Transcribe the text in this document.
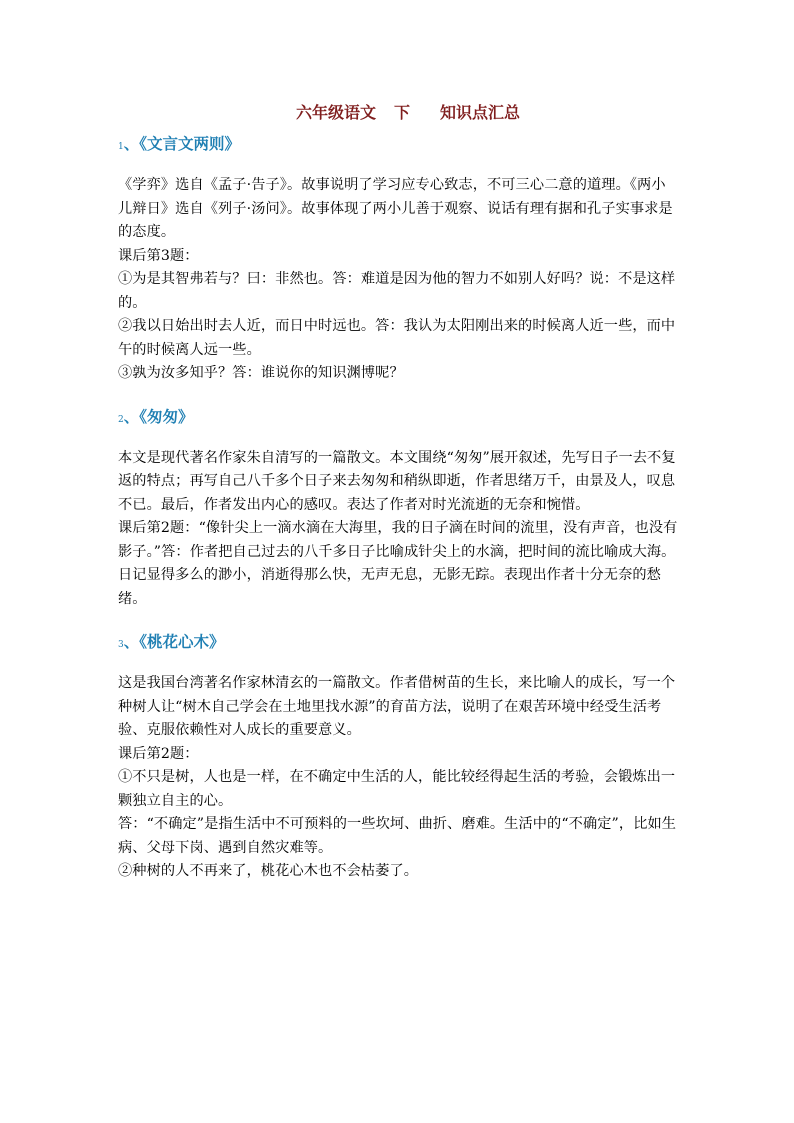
六年级语文 下 知识点汇总
1、《文言文两则》

《学弈》选自《孟子·告子》。故事说明了学习应专心致志，不可三心二意的道理。《两小儿辩日》选自《列子·汤问》。故事体现了两小儿善于观察、说话有理有据和孔子实事求是的态度。

课后第3题：

①为是其智弗若与？曰：非然也。答：难道是因为他的智力不如别人好吗？说：不是这样的。

②我以日始出时去人近，而日中时远也。答：我认为太阳刚出来的时候离人近一些，而中午的时候离人远一些。

③孰为汝多知乎？答：谁说你的知识渊博呢？

2、《匆匆》

本文是现代著名作家朱自清写的一篇散文。本文围绕“匆匆”展开叙述，先写日子一去不复返的特点；再写自己八千多个日子来去匆匆和稍纵即逝，作者思绪万千，由景及人，叹息不已。最后，作者发出内心的感叹。表达了作者对时光流逝的无奈和惋惜。

课后第2题：“像针尖上一滴水滴在大海里，我的日子滴在时间的流里，没有声音，也没有影子。”答：作者把自己过去的八千多日子比喻成针尖上的水滴，把时间的流比喻成大海。日记显得多么的渺小，消逝得那么快，无声无息，无影无踪。表现出作者十分无奈的愁绪。

3、《桃花心木》

这是我国台湾著名作家林清玄的一篇散文。作者借树苗的生长，来比喻人的成长，写一个种树人让“树木自己学会在土地里找水源”的育苗方法，说明了在艰苦环境中经受生活考验、克服依赖性对人成长的重要意义。

课后第2题：

①不只是树，人也是一样，在不确定中生活的人，能比较经得起生活的考验，会锻炼出一颗独立自主的心。

答：“不确定”是指生活中不可预料的一些坎坷、曲折、磨难。生活中的“不确定”，比如生病、父母下岗、遇到自然灾难等。

②种树的人不再来了，桃花心木也不会枯萎了。
